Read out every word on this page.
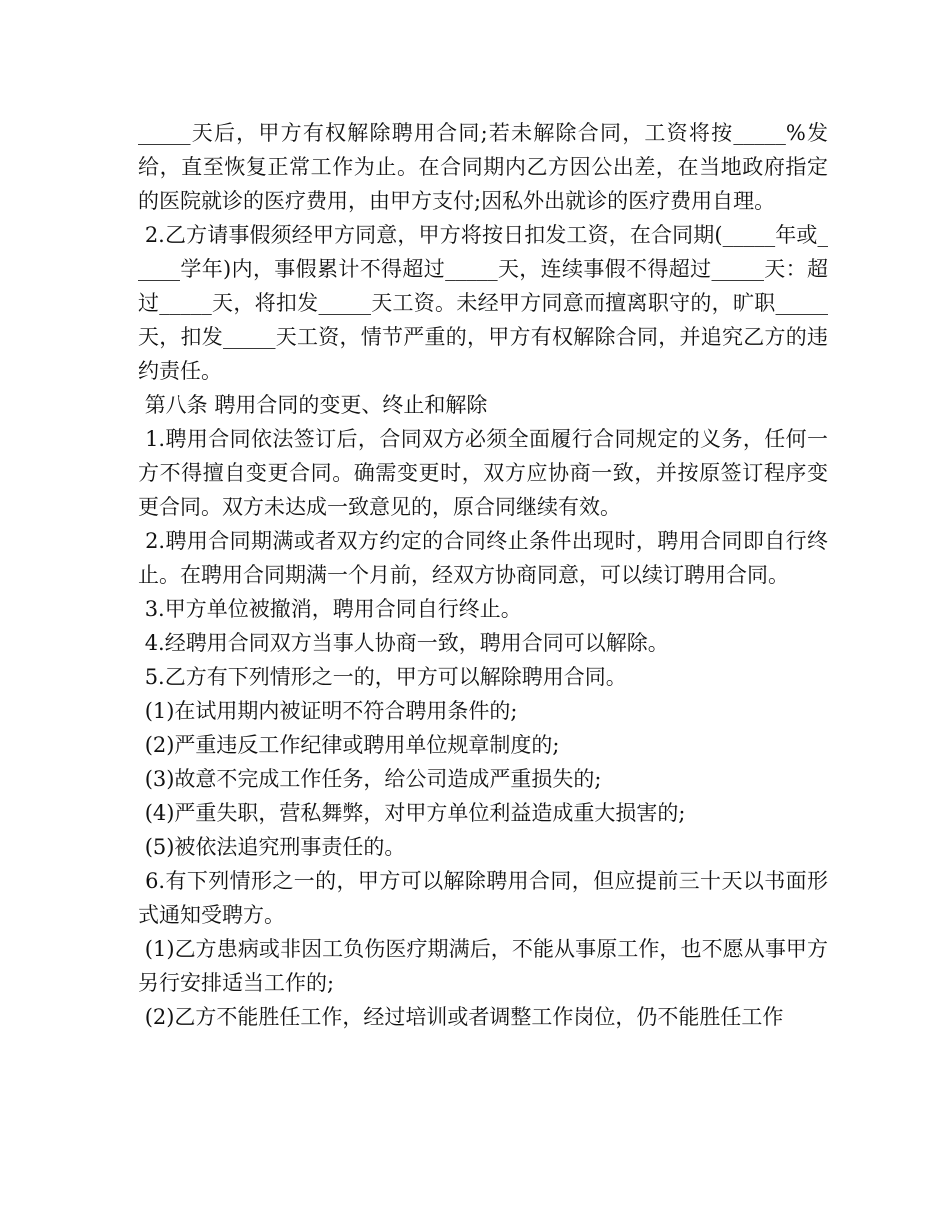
_____天后，甲方有权解除聘用合同;若未解除合同，工资将按_____%发给，直至恢复正常工作为止。在合同期内乙方因公出差，在当地政府指定的医院就诊的医疗费用，由甲方支付;因私外出就诊的医疗费用自理。

2.乙方请事假须经甲方同意，甲方将按日扣发工资，在合同期(_____年或_____学年)内，事假累计不得超过_____天，连续事假不得超过_____天：超过_____天，将扣发_____天工资。未经甲方同意而擅离职守的，旷职_____天，扣发_____天工资，情节严重的，甲方有权解除合同，并追究乙方的违约责任。

第八条 聘用合同的变更、终止和解除

1.聘用合同依法签订后，合同双方必须全面履行合同规定的义务，任何一方不得擅自变更合同。确需变更时，双方应协商一致，并按原签订程序变更合同。双方未达成一致意见的，原合同继续有效。

2.聘用合同期满或者双方约定的合同终止条件出现时，聘用合同即自行终止。在聘用合同期满一个月前，经双方协商同意，可以续订聘用合同。

3.甲方单位被撤消，聘用合同自行终止。

4.经聘用合同双方当事人协商一致，聘用合同可以解除。

5.乙方有下列情形之一的，甲方可以解除聘用合同。

(1)在试用期内被证明不符合聘用条件的;

(2)严重违反工作纪律或聘用单位规章制度的;

(3)故意不完成工作任务，给公司造成严重损失的;

(4)严重失职，营私舞弊，对甲方单位利益造成重大损害的;

(5)被依法追究刑事责任的。

6.有下列情形之一的，甲方可以解除聘用合同，但应提前三十天以书面形式通知受聘方。

(1)乙方患病或非因工负伤医疗期满后，不能从事原工作，也不愿从事甲方另行安排适当工作的;

(2)乙方不能胜任工作，经过培训或者调整工作岗位，仍不能胜任工作
